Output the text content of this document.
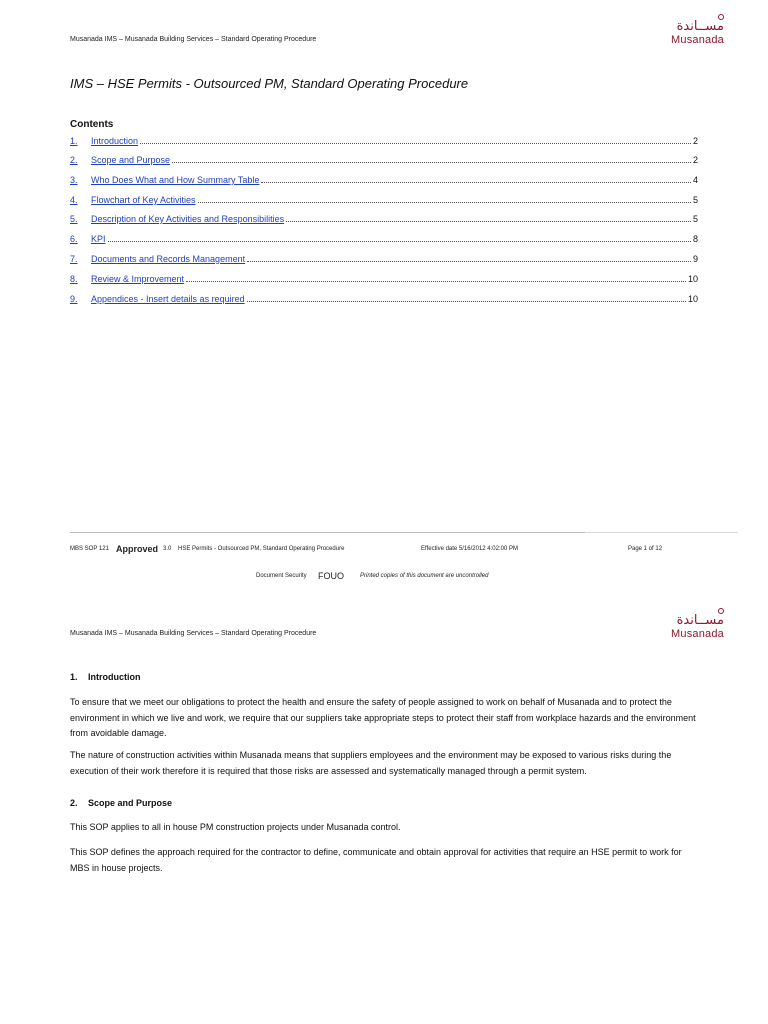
Musanada IMS – Musanada Building Services – Standard Operating Procedure
مســاندة
Musanada
IMS – HSE Permits - Outsourced PM, Standard Operating Procedure
Contents
1.	Introduction	2
2.	Scope and Purpose	2
3.	Who Does What and How Summary Table	4
4.	Flowchart of Key Activities	5
5.	Description of Key Activities and Responsibilities	5
6.	KPI	8
7.	Documents and Records Management	9
8.	Review & Improvement	10
9.	Appendices - Insert details as required	10
MBS SOP 121 Approved 3.0 HSE Permits - Outsourced PM, Standard Operating Procedure	Effective date 5/16/2012 4:02:00 PM	Page 1 of 12
Document Security FOUO	Printed copies of this document are uncontrolled
Musanada IMS – Musanada Building Services – Standard Operating Procedure
مســاندة
Musanada
1. Introduction

To ensure that we meet our obligations to protect the health and ensure the safety of people assigned to work on behalf of Musanada and to protect the environment in which we live and work, we require that our suppliers take appropriate steps to protect their staff from workplace hazards and the environment from avoidable damage.

The nature of construction activities within Musanada means that suppliers employees and the environment may be exposed to various risks during the execution of their work therefore it is required that those risks are assessed and systematically managed through a permit system.

2. Scope and Purpose

This SOP applies to all in house PM construction projects under Musanada control.

This SOP defines the approach required for the contractor to define, communicate and obtain approval for activities that require an HSE permit to work for MBS in house projects.
